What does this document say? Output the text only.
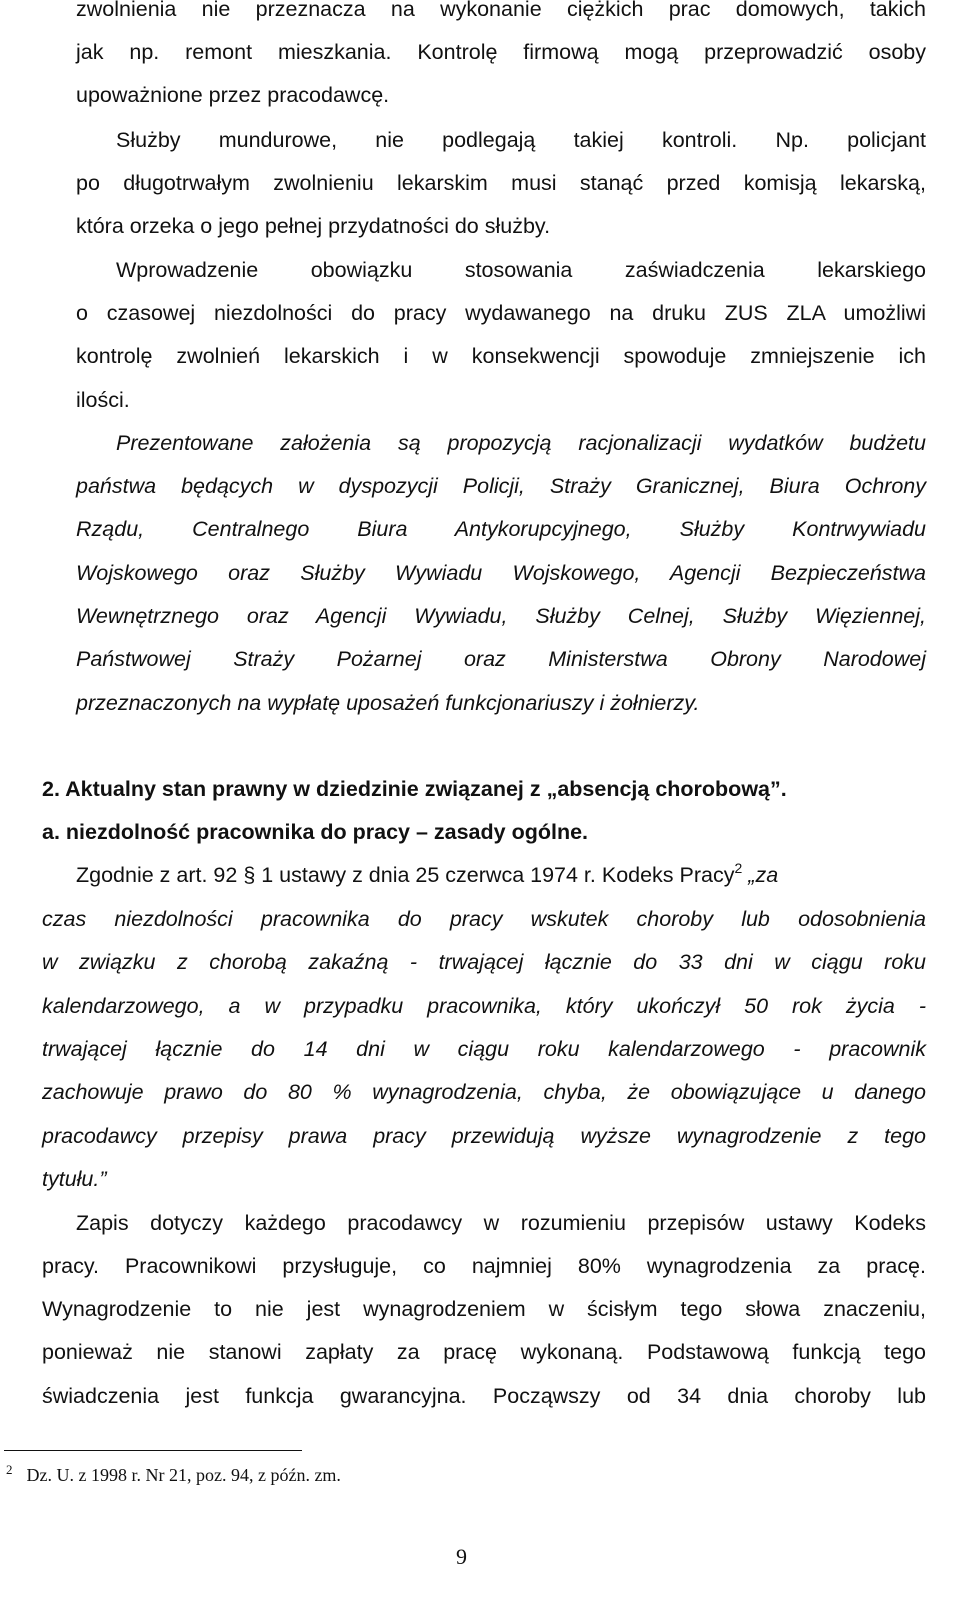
zwolnienia nie przeznacza na wykonanie ciężkich prac domowych, takich
jak np. remont mieszkania. Kontrolę firmową mogą przeprowadzić osoby
upoważnione przez pracodawcę.
Służby mundurowe, nie podlegają takiej kontroli. Np. policjant
po długotrwałym zwolnieniu lekarskim musi stanąć przed komisją lekarską,
która orzeka o jego pełnej przydatności do służby.
Wprowadzenie obowiązku stosowania zaświadczenia lekarskiego
o czasowej niezdolności do pracy wydawanego na druku ZUS ZLA umożliwi
kontrolę zwolnień lekarskich i w konsekwencji spowoduje zmniejszenie ich
ilości.
Prezentowane założenia są propozycją racjonalizacji wydatków budżetu
państwa będących w dyspozycji Policji, Straży Granicznej, Biura Ochrony
Rządu, Centralnego Biura Antykorupcyjnego, Służby Kontrwywiadu
Wojskowego oraz Służby Wywiadu Wojskowego, Agencji Bezpieczeństwa
Wewnętrznego oraz Agencji Wywiadu, Służby Celnej, Służby Więziennej,
Państwowej Straży Pożarnej oraz Ministerstwa Obrony Narodowej
przeznaczonych na wypłatę uposażeń funkcjonariuszy i żołnierzy.
2. Aktualny stan prawny w dziedzinie związanej z „absencją chorobową”.
a. niezdolność pracownika do pracy – zasady ogólne.
Zgodnie z art. 92 § 1 ustawy z dnia 25 czerwca 1974 r. Kodeks Pracy$^2$ „za
czas niezdolności pracownika do pracy wskutek choroby lub odosobnienia
w związku z chorobą zakaźną - trwającej łącznie do 33 dni w ciągu roku
kalendarzowego, a w przypadku pracownika, który ukończył 50 rok życia -
trwającej łącznie do 14 dni w ciągu roku kalendarzowego - pracownik
zachowuje prawo do 80 % wynagrodzenia, chyba, że obowiązujące u danego
pracodawcy przepisy prawa pracy przewidują wyższe wynagrodzenie z tego
tytułu.”
Zapis dotyczy każdego pracodawcy w rozumieniu przepisów ustawy Kodeks
pracy. Pracownikowi przysługuje, co najmniej 80% wynagrodzenia za pracę.
Wynagrodzenie to nie jest wynagrodzeniem w ścisłym tego słowa znaczeniu,
ponieważ nie stanowi zapłaty za pracę wykonaną. Podstawową funkcją tego
świadczenia jest funkcja gwarancyjna. Począwszy od 34 dnia choroby lub
$^2$ Dz. U. z 1998 r. Nr 21, poz. 94, z późn. zm.
9
